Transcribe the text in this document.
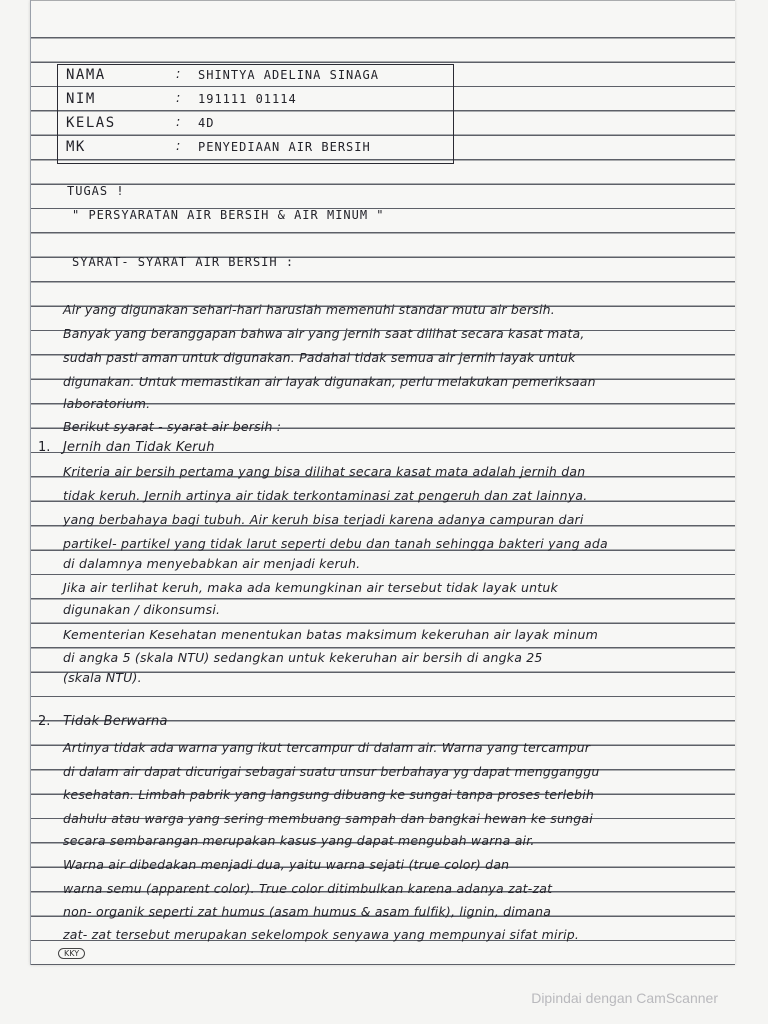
NAMA	: SHINTYA ADELINA SINAGA
NIM	: 191111 01114
KELAS	: 4D
MK	: PENYEDIAAN AIR BERSIH
TUGAS !
" PERSYARATAN AIR BERSIH & AIR MINUM "
SYARAT- SYARAT AIR BERSIH :
Air yang digunakan sehari-hari haruslah memenuhi standar mutu air bersih.
Banyak yang beranggapan bahwa air yang jernih saat dilihat secara kasat mata,
sudah pasti aman untuk digunakan. Padahal tidak semua air jernih layak untuk
digunakan. Untuk memastikan air layak digunakan, perlu melakukan pemeriksaan
laboratorium.
Berikut syarat - syarat air bersih :
1. Jernih dan Tidak Keruh
Kriteria air bersih pertama yang bisa dilihat secara kasat mata adalah jernih dan
tidak keruh. Jernih artinya air tidak terkontaminasi zat pengeruh dan zat lainnya.
yang berbahaya bagi tubuh. Air keruh bisa terjadi karena adanya campuran dari
partikel- partikel yang tidak larut seperti debu dan tanah sehingga bakteri yang ada
di dalamnya menyebabkan air menjadi keruh.
Jika air terlihat keruh, maka ada kemungkinan air tersebut tidak layak untuk
digunakan / dikonsumsi.
Kementerian Kesehatan menentukan batas maksimum kekeruhan air layak minum
di angka 5 (skala NTU) sedangkan untuk kekeruhan air bersih di angka 25
(skala NTU).
2. Tidak Berwarna
Artinya tidak ada warna yang ikut tercampur di dalam air. Warna yang tercampur
di dalam air dapat dicurigai sebagai suatu unsur berbahaya yg dapat mengganggu
kesehatan. Limbah pabrik yang langsung dibuang ke sungai tanpa proses terlebih
dahulu atau warga yang sering membuang sampah dan bangkai hewan ke sungai
secara sembarangan merupakan kasus yang dapat mengubah warna air.
Warna air dibedakan menjadi dua, yaitu warna sejati (true color) dan
warna semu (apparent color). True color ditimbulkan karena adanya zat-zat
non- organik seperti zat humus (asam humus & asam fulfik), lignin, dimana
zat- zat tersebut merupakan sekelompok senyawa yang mempunyai sifat mirip.
KKY
Dipindai dengan CamScanner
